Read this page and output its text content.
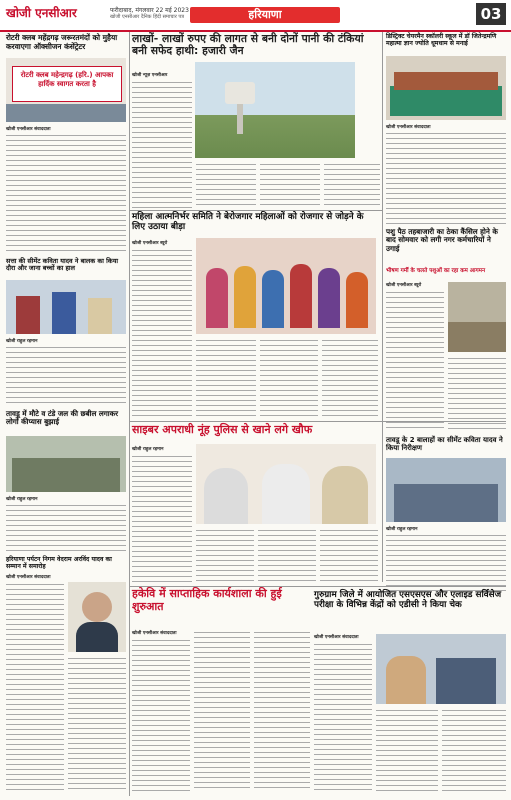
खोजी एनसीआर	फरीदाबाद, मंगलवार 22 मई 2023
खोजी एनसीआर दैनिक हिंदी समाचार पत्र	हरियाणा	03
रोटरी क्लब महेंद्रगढ़ जरूरतमंदों को मुहैया करवाएगा ऑक्सीजन कंसेंट्रेटर
रोटरी क्लब महेन्द्रगढ़ (हरि.) आपका हार्दिक स्वागत करता है
खोजी एनसीआर संवाददाता
लाखों- लाखों रुपए की लागत से बनी दोनों पानी की टंकियां बनी सफेद हाथी: हजारी जैन
खोजी न्यूज़ एनसीआर
डिस्ट्रिक्ट चेयरमैन स्कॉलरी स्कूल में डॉ जितेन्द्रमणि महात्मा ज्ञान ज्योति धूमधाम से मनाई
खोजी एनसीआर संवाददाता
महिला आत्मनिर्भर समिति ने बेरोजगार महिलाओं को रोजगार से जोड़ने के लिए उठाया बीड़ा
खोजी एनसीआर ब्यूरो
पशु पैठ तहबाजारी का ठेका कैंसिल होने के बाद सोमवार को लगी नगर कर्मचारियों ने उगाई
भीषण गर्मी के चलते पशुओं का रहा कम आगमन
खोजी एनसीआर ब्यूरो
सत्ता की सीमेंट कविता यादव ने बालक का किया दौरा और जाना बच्चों का हाल
खोजी राहुल रहमान
तावडू में मौटे व टंडे जल की छबील लगाकर लोगों कीप्यास बुझाई
खोजी राहुल रहमान
साइबर अपराधी नूंह पुलिस से खाने लगे खौफ
खोजी राहुल रहमान
तावडू के 2 बालाहों का सीमेंट कविता यादव ने किया निरीक्षण
खोजी राहुल रहमान
हरियाणा पर्यटन निगम वेदराम अरविंद यादव का सम्मान में समारोह
खोजी एनसीआर संवाददाता
हकेवि में साप्ताहिक कार्यशाला की हुई शुरुआत
खोजी एनसीआर संवाददाता
गुरुग्राम जिले में आयोजित एसएसएस और एलाइड सर्विसेज परीक्षा के विभिन्न केंद्रों को एडीसी ने किया चेक
खोजी एनसीआर संवाददाता
